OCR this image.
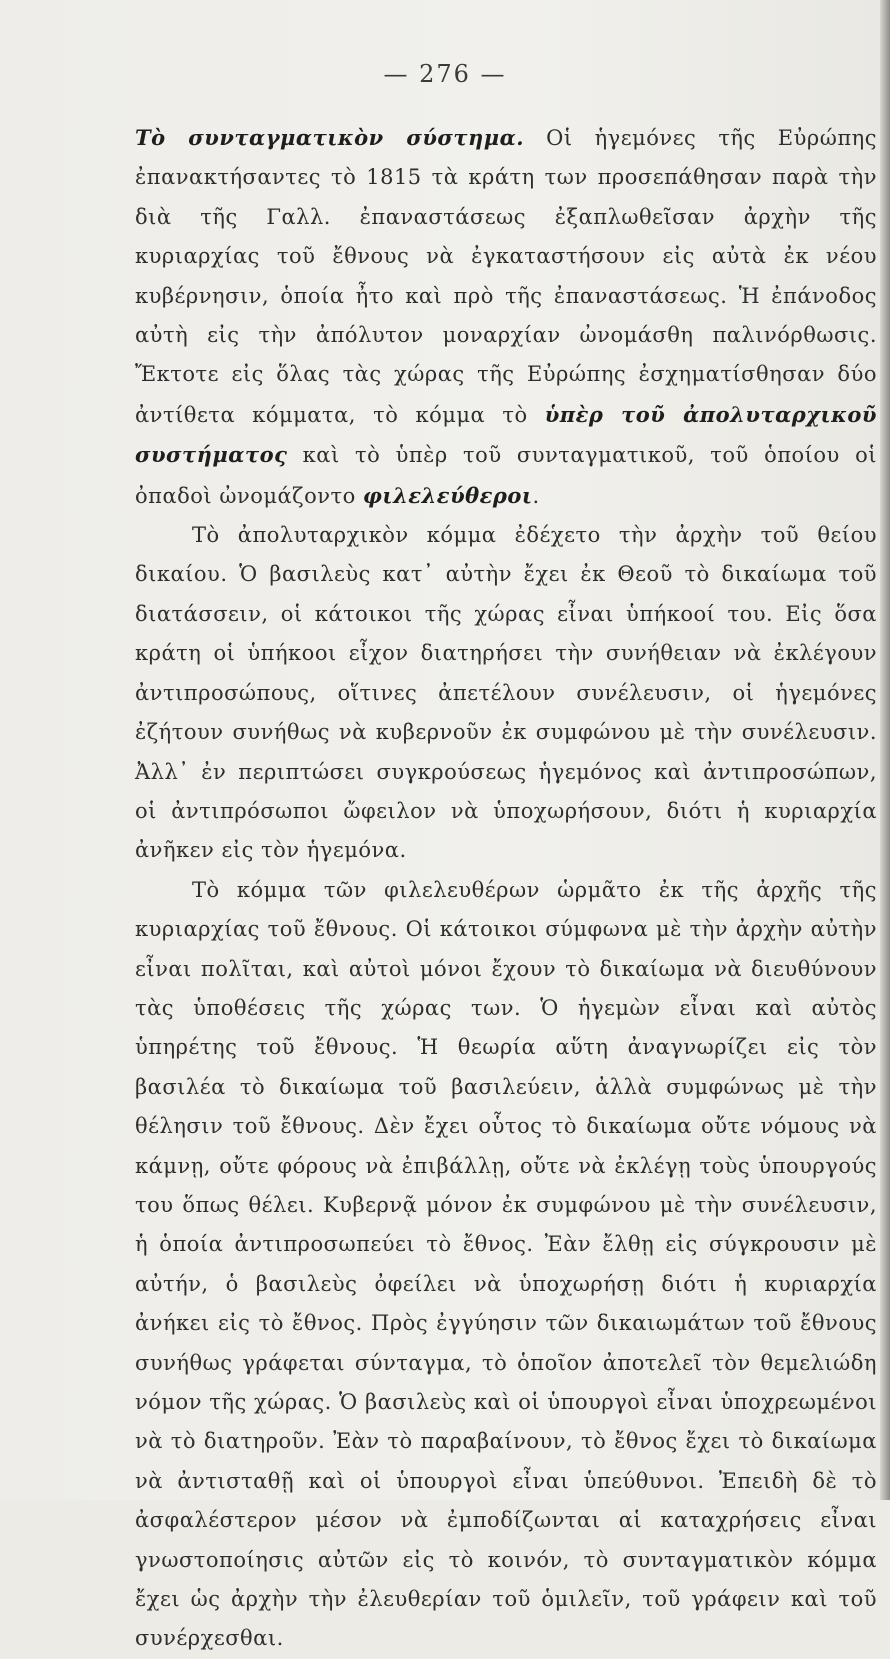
— 276 —

Τὸ συνταγματικὸν σύστημα. Οἱ ἡγεμόνες τῆς Εὐρώπης ἐπανακτήσαντες τὸ 1815 τὰ κράτη των προσεπάθησαν παρὰ τὴν διὰ τῆς Γαλλ. ἐπαναστάσεως ἐξαπλωθεῖσαν ἀρχὴν τῆς κυριαρχίας τοῦ ἔθνους νὰ ἐγκαταστήσουν εἰς αὐτὰ ἐκ νέου κυβέρνησιν, ὁποία ἦτο καὶ πρὸ τῆς ἐπαναστάσεως. Ἡ ἐπάνοδος αὐτὴ εἰς τὴν ἀπόλυτον μοναρχίαν ὠνομάσθη παλινόρθωσις. Ἔκτοτε εἰς ὅλας τὰς χώρας τῆς Εὐρώπης ἐσχηματίσθησαν δύο ἀντίθετα κόμματα, τὸ κόμμα τὸ ὑπὲρ τοῦ ἀπολυταρχικοῦ συστήματος καὶ τὸ ὑπὲρ τοῦ συνταγματικοῦ, τοῦ ὁποίου οἱ ὀπαδοὶ ὠνομάζοντο φιλελεύθεροι.

Τὸ ἀπολυταρχικὸν κόμμα ἐδέχετο τὴν ἀρχὴν τοῦ θείου δικαίου. Ὁ βασιλεὺς κατ᾽ αὐτὴν ἔχει ἐκ Θεοῦ τὸ δικαίωμα τοῦ διατάσσειν, οἱ κάτοικοι τῆς χώρας εἶναι ὑπήκοοί του. Εἰς ὅσα κράτη οἱ ὑπήκοοι εἶχον διατηρήσει τὴν συνήθειαν νὰ ἐκλέγουν ἀντιπροσώπους, οἵτινες ἀπετέλουν συνέλευσιν, οἱ ἡγεμόνες ἐζήτουν συνήθως νὰ κυβερνοῦν ἐκ συμφώνου μὲ τὴν συνέλευσιν. Ἀλλ᾽ ἐν περιπτώσει συγκρούσεως ἡγεμόνος καὶ ἀντιπροσώπων, οἱ ἀντιπρόσωποι ὤφειλον νὰ ὑποχωρήσουν, διότι ἡ κυριαρχία ἀνῆκεν εἰς τὸν ἡγεμόνα.

Τὸ κόμμα τῶν φιλελευθέρων ὡρμᾶτο ἐκ τῆς ἀρχῆς τῆς κυριαρχίας τοῦ ἔθνους. Οἱ κάτοικοι σύμφωνα μὲ τὴν ἀρχὴν αὐτὴν εἶναι πολῖται, καὶ αὐτοὶ μόνοι ἔχουν τὸ δικαίωμα νὰ διευθύνουν τὰς ὑποθέσεις τῆς χώρας των. Ὁ ἡγεμὼν εἶναι καὶ αὐτὸς ὑπηρέτης τοῦ ἔθνους. Ἡ θεωρία αὕτη ἀναγνωρίζει εἰς τὸν βασιλέα τὸ δικαίωμα τοῦ βασιλεύειν, ἀλλὰ συμφώνως μὲ τὴν θέλησιν τοῦ ἔθνους. Δὲν ἔχει οὗτος τὸ δικαίωμα οὔτε νόμους νὰ κάμνῃ, οὔτε φόρους νὰ ἐπιβάλλῃ, οὔτε νὰ ἐκλέγῃ τοὺς ὑπουργούς του ὅπως θέλει. Κυβερνᾷ μόνον ἐκ συμφώνου μὲ τὴν συνέλευσιν, ἡ ὁποία ἀντιπροσωπεύει τὸ ἔθνος. Ἐὰν ἔλθῃ εἰς σύγκρουσιν μὲ αὐτήν, ὁ βασιλεὺς ὀφείλει νὰ ὑποχωρήσῃ διότι ἡ κυριαρχία ἀνήκει εἰς τὸ ἔθνος. Πρὸς ἐγγύησιν τῶν δικαιωμάτων τοῦ ἔθνους συνήθως γράφεται σύνταγμα, τὸ ὁποῖον ἀποτελεῖ τὸν θεμελιώδη νόμον τῆς χώρας. Ὁ βασιλεὺς καὶ οἱ ὑπουργοὶ εἶναι ὑποχρεωμένοι νὰ τὸ διατηροῦν. Ἐὰν τὸ παραβαίνουν, τὸ ἔθνος ἔχει τὸ δικαίωμα νὰ ἀντισταθῇ καὶ οἱ ὑπουργοὶ εἶναι ὑπεύθυνοι. Ἐπειδὴ δὲ τὸ ἀσφαλέστερον μέσον νὰ ἐμποδίζωνται αἱ καταχρήσεις εἶναι γνωστοποίησις αὐτῶν εἰς τὸ κοινόν, τὸ συνταγματικὸν κόμμα ἔχει ὡς ἀρχὴν τὴν ἐλευθερίαν τοῦ ὁμιλεῖν, τοῦ γράφειν καὶ τοῦ συνέρχεσθαι.
